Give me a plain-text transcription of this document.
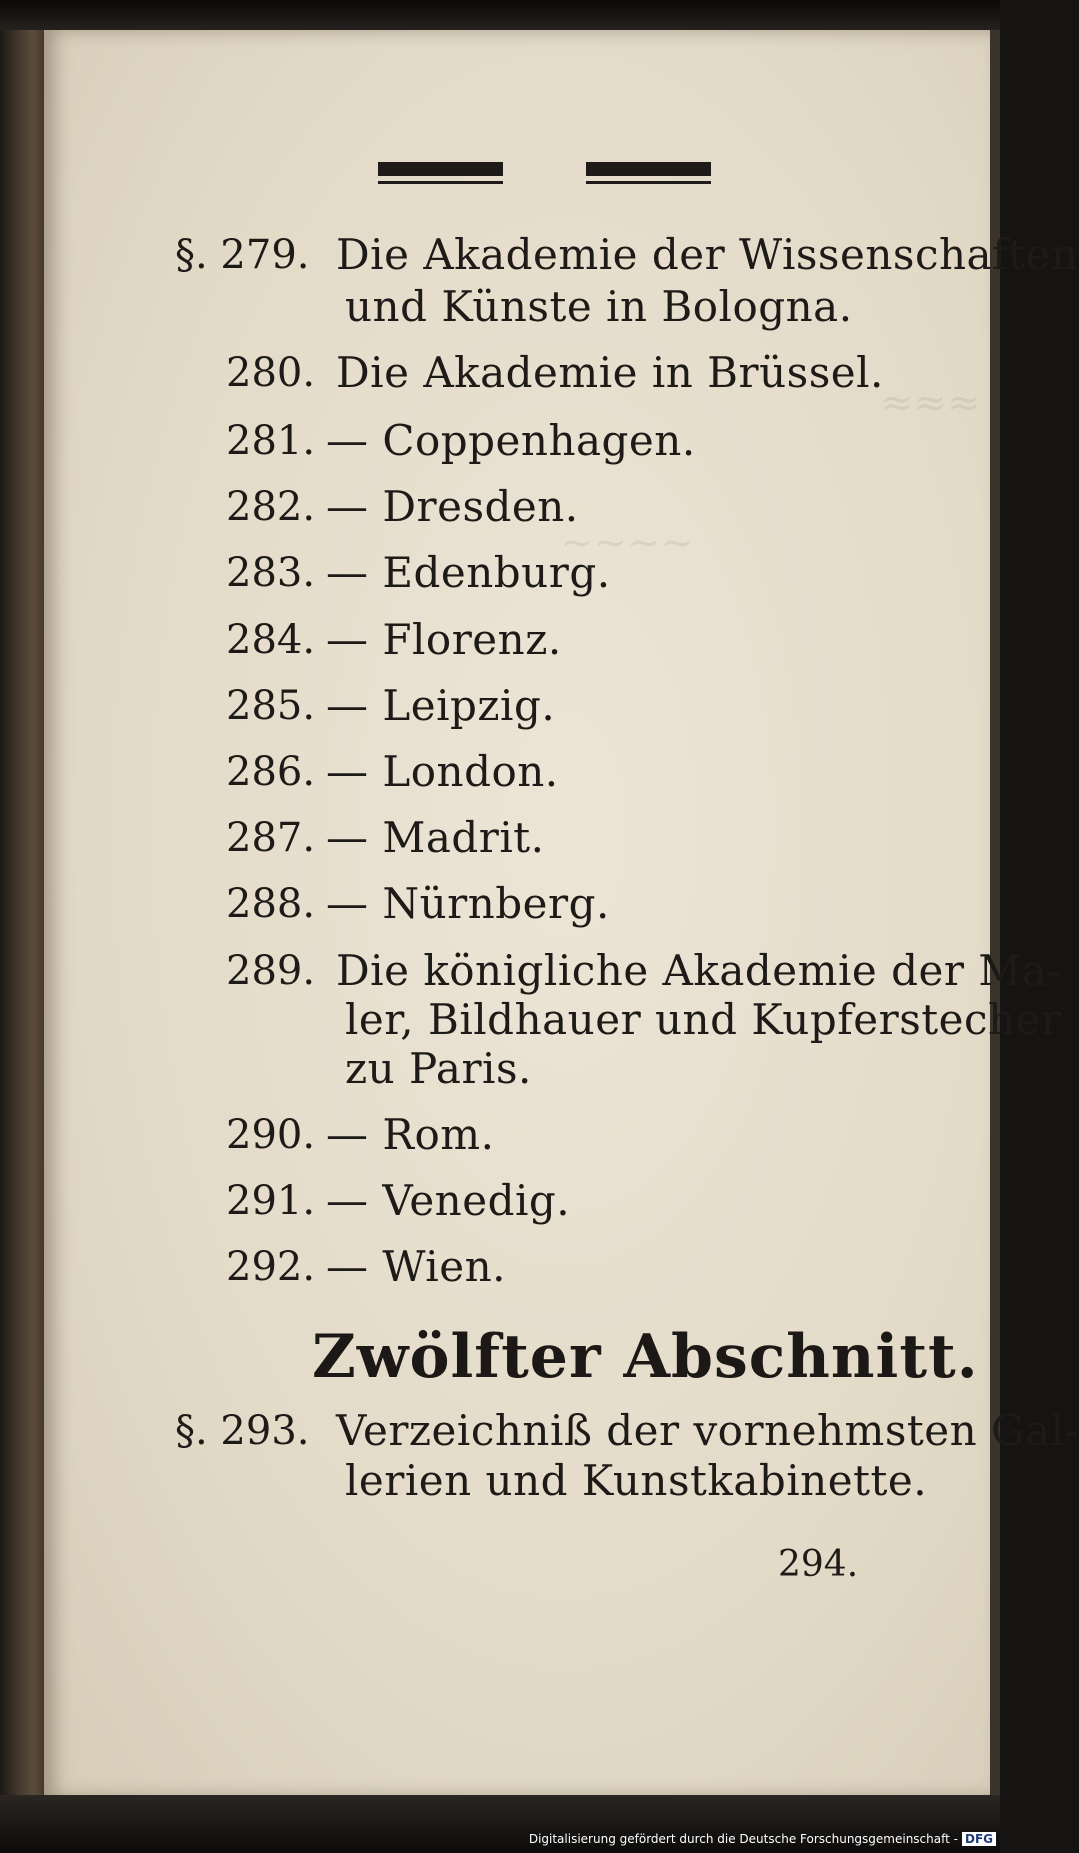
≈≈≈
~~~~
§. 279. Die Akademie der Wissenschaften
und Künste in Bologna.
280. Die Akademie in Brüssel.
281. — Coppenhagen.
282. — Dresden.
283. — Edenburg.
284. — Florenz.
285. — Leipzig.
286. — London.
287. — Madrit.
288. — Nürnberg.
289. Die königliche Akademie der Ma-
ler, Bildhauer und Kupferstecher
zu Paris.
290. — Rom.
291. — Venedig.
292. — Wien.
Zwölfter Abschnitt.
§. 293. Verzeichniß der vornehmsten Gal-
lerien und Kunstkabinette.
294.
Digitalisierung gefördert durch die Deutsche Forschungsgemeinschaft - DFG
